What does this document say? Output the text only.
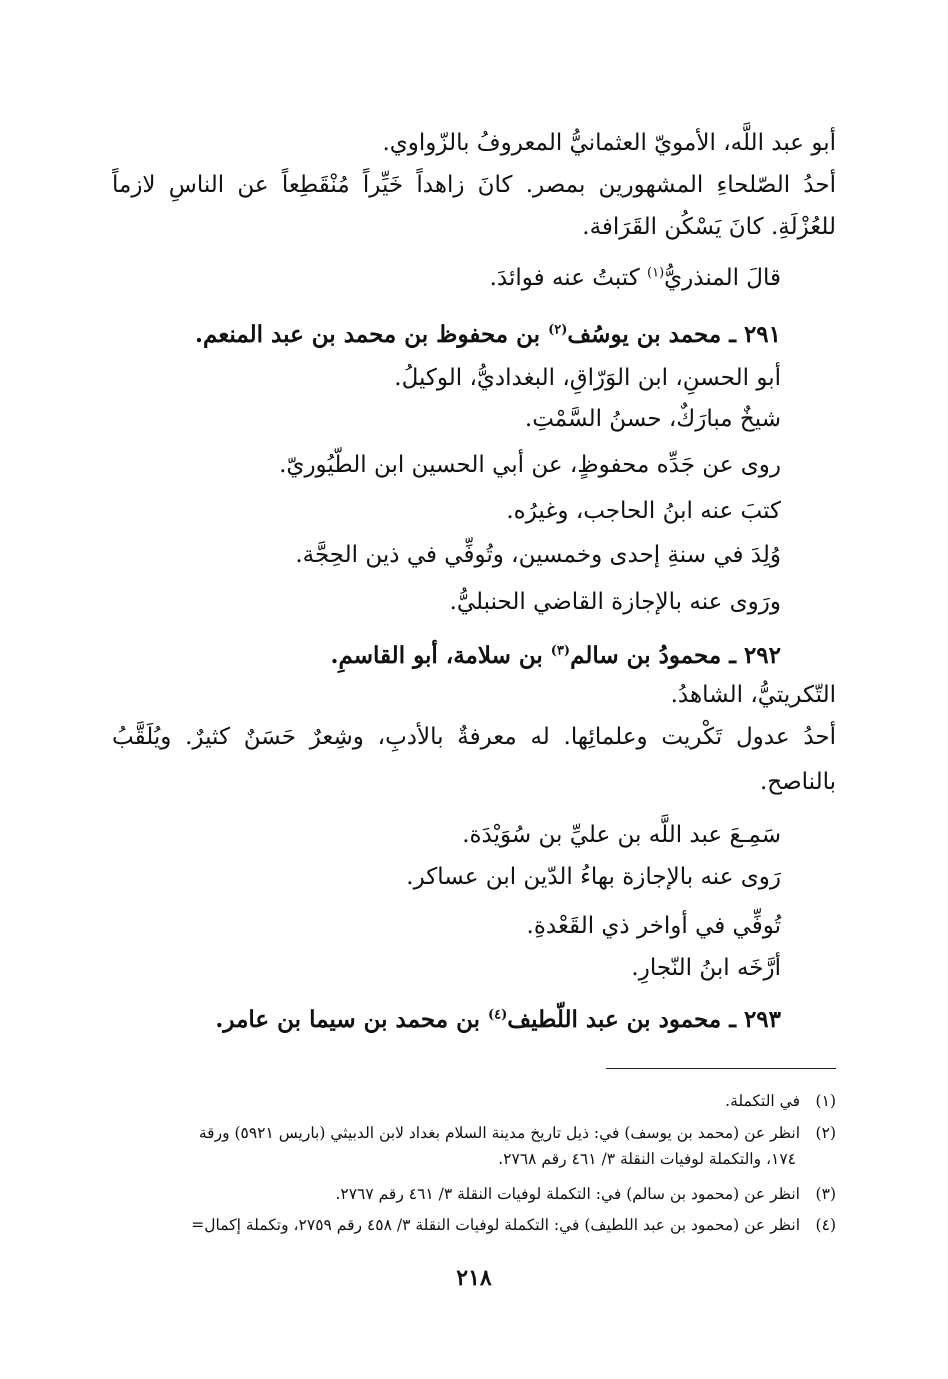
أبو عبد اللَّه، الأمويّ العثمانيُّ المعروفُ بالزّواوي.
أحدُ الصّلحاءِ المشهورين بمصر. كانَ زاهداً خَيِّراً مُنْقَطِعاً عن الناسِ لازماً
للعُزْلَةِ. كانَ يَسْكُن القَرَافة.
قالَ المنذريُّ$^{(١)}$ كتبتُ عنه فوائدَ.
٢٩١ ـ محمد بن يوسُف$^{(٢)}$ بن محفوظ بن محمد بن عبد المنعم.
أبو الحسنِ، ابن الوَرّاقِ، البغداديُّ، الوكيلُ.
شيخٌ مبارَكٌ، حسنُ السَّمْتِ.
روى عن جَدِّه محفوظٍ، عن أبي الحسين ابن الطّيُوريّ.
كتبَ عنه ابنُ الحاجب، وغيرُه.
وُلِدَ في سنةِ إحدى وخمسين، وتُوفِّي في ذين الحِجَّة.
ورَوى عنه بالإجازة القاضي الحنبليُّ.
٢٩٢ ـ محمودُ بن سالم$^{(٣)}$ بن سلامة، أبو القاسمِ.
التّكريتيُّ، الشاهدُ.
أحدُ عدول تَكْريت وعلمائِها. له معرفةٌ بالأدبِ، وشِعرٌ حَسَنٌ كثيرٌ. ويُلَقَّبُ
بالناصح.
سَمِـعَ عبد اللَّه بن عليِّ بن سُوَيْدَة.
رَوى عنه بالإجازة بهاءُ الدّين ابن عساكر.
تُوفِّي في أواخر ذي القَعْدةِ.
أرَّخَه ابنُ النّجارِ.
٢٩٣ ـ محمود بن عبد اللّطيف$^{(٤)}$ بن محمد بن سيما بن عامر.
(١)في التكملة.
(٢)انظر عن (محمد بن يوسف) في: ذيل تاريخ مدينة السلام بغداد لابن الدبيثي (باريس ٥٩٢١) ورقة
١٧٤، والتكملة لوفيات النقلة ٣/ ٤٦١ رقم ٢٧٦٨.
(٣)انظر عن (محمود بن سالم) في: التكملة لوفيات النقلة ٣/ ٤٦١ رقم ٢٧٦٧.
(٤)انظر عن (محمود بن عبد اللطيف) في: التكملة لوفيات النقلة ٣/ ٤٥٨ رقم ٢٧٥٩، وتكملة إكمال=
٢١٨
